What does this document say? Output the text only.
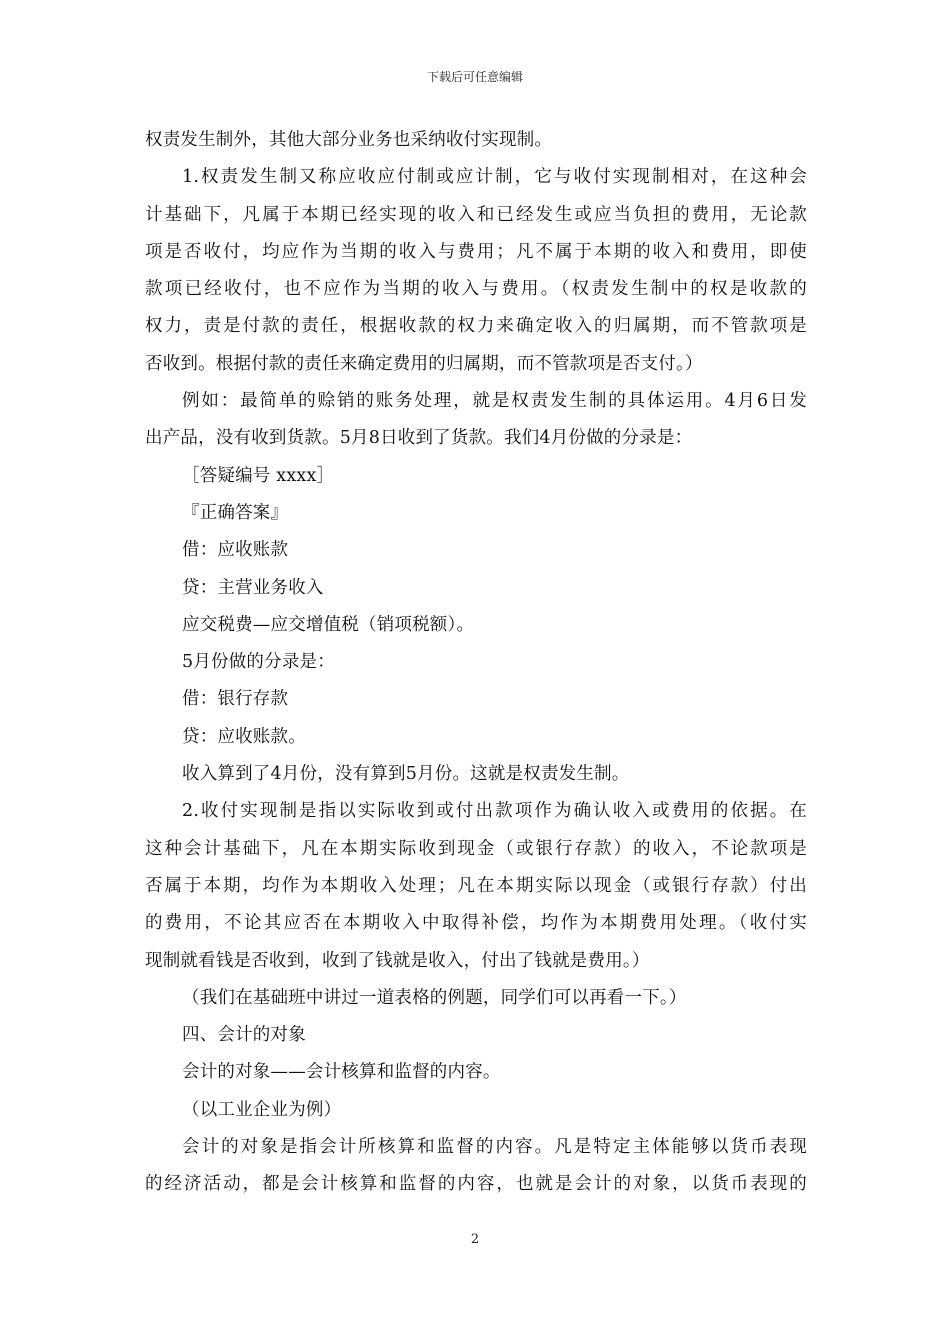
下载后可任意编辑
权责发生制外，其他大部分业务也采纳收付实现制。
1.权责发生制又称应收应付制或应计制，它与收付实现制相对，在这种会
计基础下，凡属于本期已经实现的收入和已经发生或应当负担的费用，无论款
项是否收付，均应作为当期的收入与费用；凡不属于本期的收入和费用，即使
款项已经收付，也不应作为当期的收入与费用。（权责发生制中的权是收款的
权力，责是付款的责任，根据收款的权力来确定收入的归属期，而不管款项是
否收到。根据付款的责任来确定费用的归属期，而不管款项是否支付。）
例如：最简单的赊销的账务处理，就是权责发生制的具体运用。4月6日发
出产品，没有收到货款。5月8日收到了货款。我们4月份做的分录是：
［答疑编号 xxxx］
『正确答案』
借：应收账款
贷：主营业务收入
应交税费—应交增值税（销项税额）。
5月份做的分录是：
借：银行存款
贷：应收账款。
收入算到了4月份，没有算到5月份。这就是权责发生制。
2.收付实现制是指以实际收到或付出款项作为确认收入或费用的依据。在
这种会计基础下，凡在本期实际收到现金（或银行存款）的收入，不论款项是
否属于本期，均作为本期收入处理；凡在本期实际以现金（或银行存款）付出
的费用，不论其应否在本期收入中取得补偿，均作为本期费用处理。（收付实
现制就看钱是否收到，收到了钱就是收入，付出了钱就是费用。）
（我们在基础班中讲过一道表格的例题，同学们可以再看一下。）
四、会计的对象
会计的对象——会计核算和监督的内容。
（以工业企业为例）
会计的对象是指会计所核算和监督的内容。凡是特定主体能够以货币表现
的经济活动，都是会计核算和监督的内容，也就是会计的对象，以货币表现的
2
